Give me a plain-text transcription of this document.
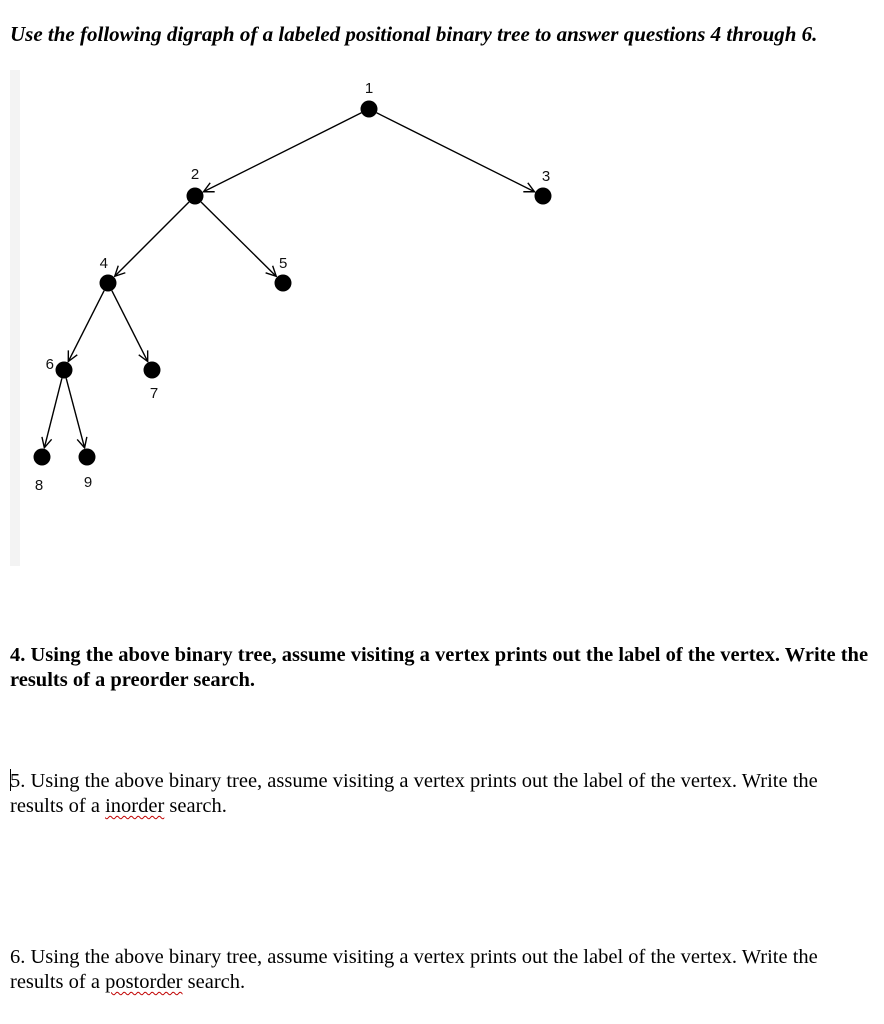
Use the following digraph of a labeled positional binary tree to answer questions 4 through 6.
1
2	3
4	5
6
7
8	9
4. Using the above binary tree, assume visiting a vertex prints out the label of the vertex. Write the results of a preorder search.
5. Using the above binary tree, assume visiting a vertex prints out the label of the vertex. Write the results of a inorder search.
6. Using the above binary tree, assume visiting a vertex prints out the label of the vertex. Write the results of a postorder search.
